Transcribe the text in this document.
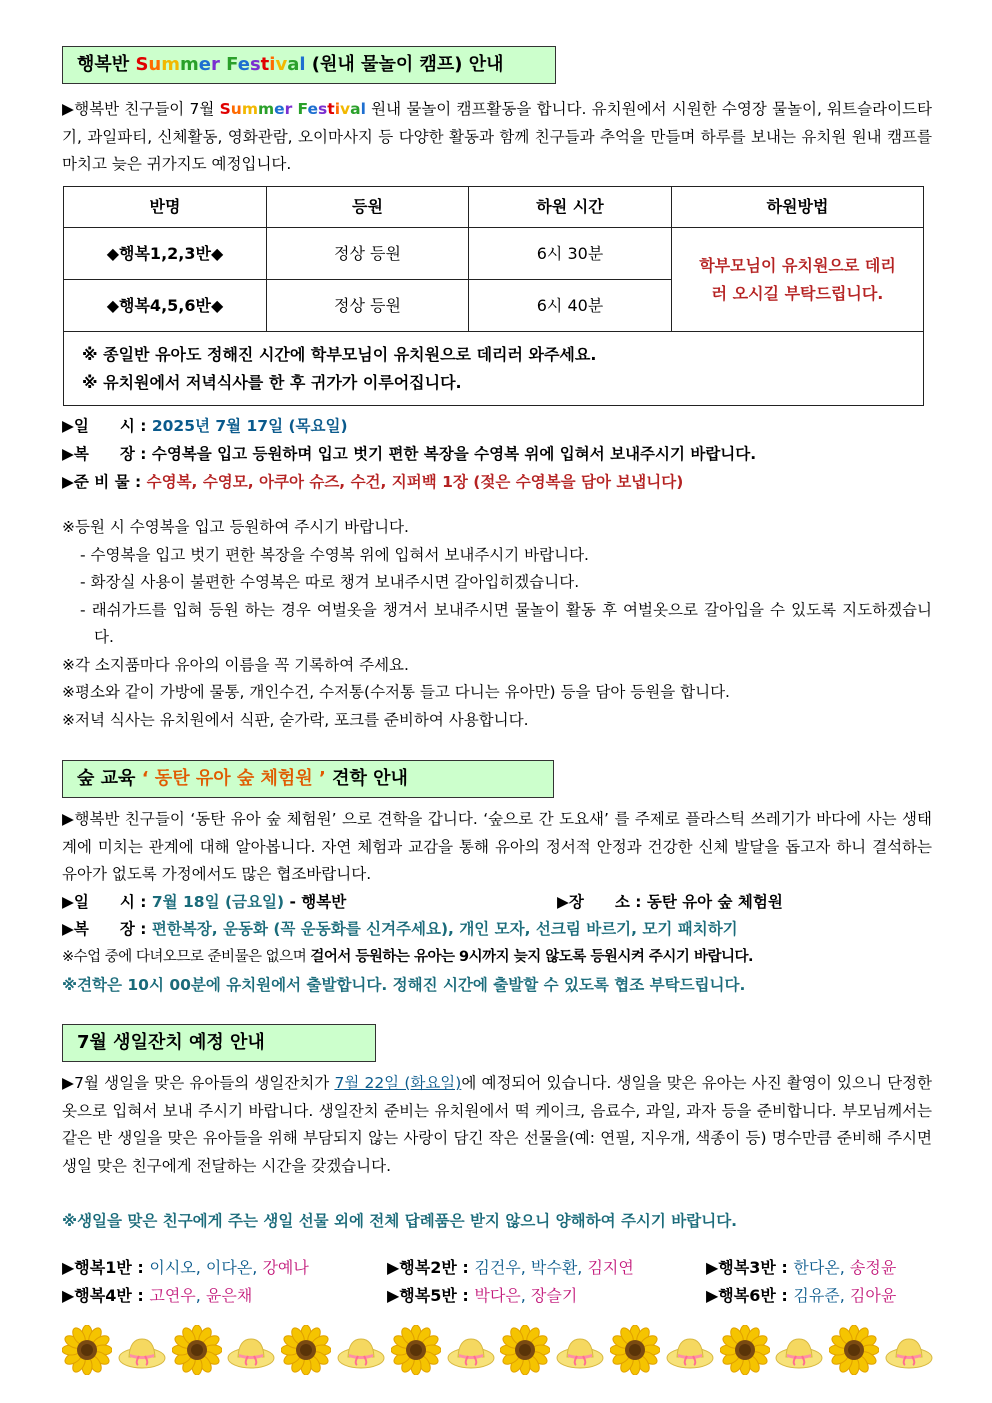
행복반 Summer Festival (원내 물놀이 캠프) 안내
▶행복반 친구들이 7월 Summer Festival 원내 물놀이 캠프활동을 합니다. 유치원에서 시원한 수영장 물놀이, 워트슬라이드타기, 과일파티, 신체활동, 영화관람, 오이마사지 등 다양한 활동과 함께 친구들과 추억을 만들며 하루를 보내는 유치원 원내 캠프를 마치고 늦은 귀가지도 예정입니다.
반명	등원	하원 시간	하원방법
◆행복1,2,3반◆	정상 등원	6시 30분	학부모님이 유치원으로 데리러 오시길 부탁드립니다.
◆행복4,5,6반◆	정상 등원	6시 40분	

※ 종일반 유아도 정해진 시간에 학부모님이 유치원으로 데리러 와주세요.
※ 유치원에서 저녁식사를 한 후 귀가가 이루어집니다.			
▶일　　시 : 2025년 7월 17일 (목요일)
▶복　　장 : 수영복을 입고 등원하며 입고 벗기 편한 복장을 수영복 위에 입혀서 보내주시기 바랍니다.
▶준 비 물 : 수영복, 수영모, 아쿠아 슈즈, 수건, 지퍼백 1장 (젖은 수영복을 담아 보냅니다)
※등원 시 수영복을 입고 등원하여 주시기 바랍니다.
- 수영복을 입고 벗기 편한 복장을 수영복 위에 입혀서 보내주시기 바랍니다.
- 화장실 사용이 불편한 수영복은 따로 챙겨 보내주시면 갈아입히겠습니다.
- 래쉬가드를 입혀 등원 하는 경우 여벌옷을 챙겨서 보내주시면 물놀이 활동 후 여벌옷으로 갈아입을 수 있도록 지도하겠습니다.
※각 소지품마다 유아의 이름을 꼭 기록하여 주세요.
※평소와 같이 가방에 물통, 개인수건, 수저통(수저통 들고 다니는 유아만) 등을 담아 등원을 합니다.
※저녁 식사는 유치원에서 식판, 숟가락, 포크를 준비하여 사용합니다.
숲 교육 ‘ 동탄 유아 숲 체험원 ’ 견학 안내
▶행복반 친구들이 ‘동탄 유아 숲 체험원’ 으로 견학을 갑니다. ‘숲으로 간 도요새’ 를 주제로 플라스틱 쓰레기가 바다에 사는 생태계에 미치는 관계에 대해 알아봅니다. 자연 체험과 교감을 통해 유아의 정서적 안정과 건강한 신체 발달을 돕고자 하니 결석하는 유아가 없도록 가정에서도 많은 협조바랍니다.
▶일　　시 : 7월 18일 (금요일) - 행복반	▶장　　소 : 동탄 유아 숲 체험원
▶복　　장 : 편한복장, 운동화 (꼭 운동화를 신겨주세요), 개인 모자, 선크림 바르기, 모기 패치하기
※수업 중에 다녀오므로 준비물은 없으며 걸어서 등원하는 유아는 9시까지 늦지 않도록 등원시켜 주시기 바랍니다.
※견학은 10시 00분에 유치원에서 출발합니다. 정해진 시간에 출발할 수 있도록 협조 부탁드립니다.
7월 생일잔치 예정 안내
▶7월 생일을 맞은 유아들의 생일잔치가 7월 22일 (화요일)에 예정되어 있습니다. 생일을 맞은 유아는 사진 촬영이 있으니 단정한 옷으로 입혀서 보내 주시기 바랍니다. 생일잔치 준비는 유치원에서 떡 케이크, 음료수, 과일, 과자 등을 준비합니다. 부모님께서는 같은 반 생일을 맞은 유아들을 위해 부담되지 않는 사랑이 담긴 작은 선물을(예: 연필, 지우개, 색종이 등) 명수만큼 준비해 주시면 생일 맞은 친구에게 전달하는 시간을 갖겠습니다.
※생일을 맞은 친구에게 주는 생일 선물 외에 전체 답례품은 받지 않으니 양해하여 주시기 바랍니다.
▶행복1반 : 이시오, 이다온, 강예나	▶행복2반 : 김건우, 박수환, 김지연	▶행복3반 : 한다온, 송정윤
▶행복4반 : 고연우, 윤은채	▶행복5반 : 박다은, 장슬기	▶행복6반 : 김유준, 김아윤
